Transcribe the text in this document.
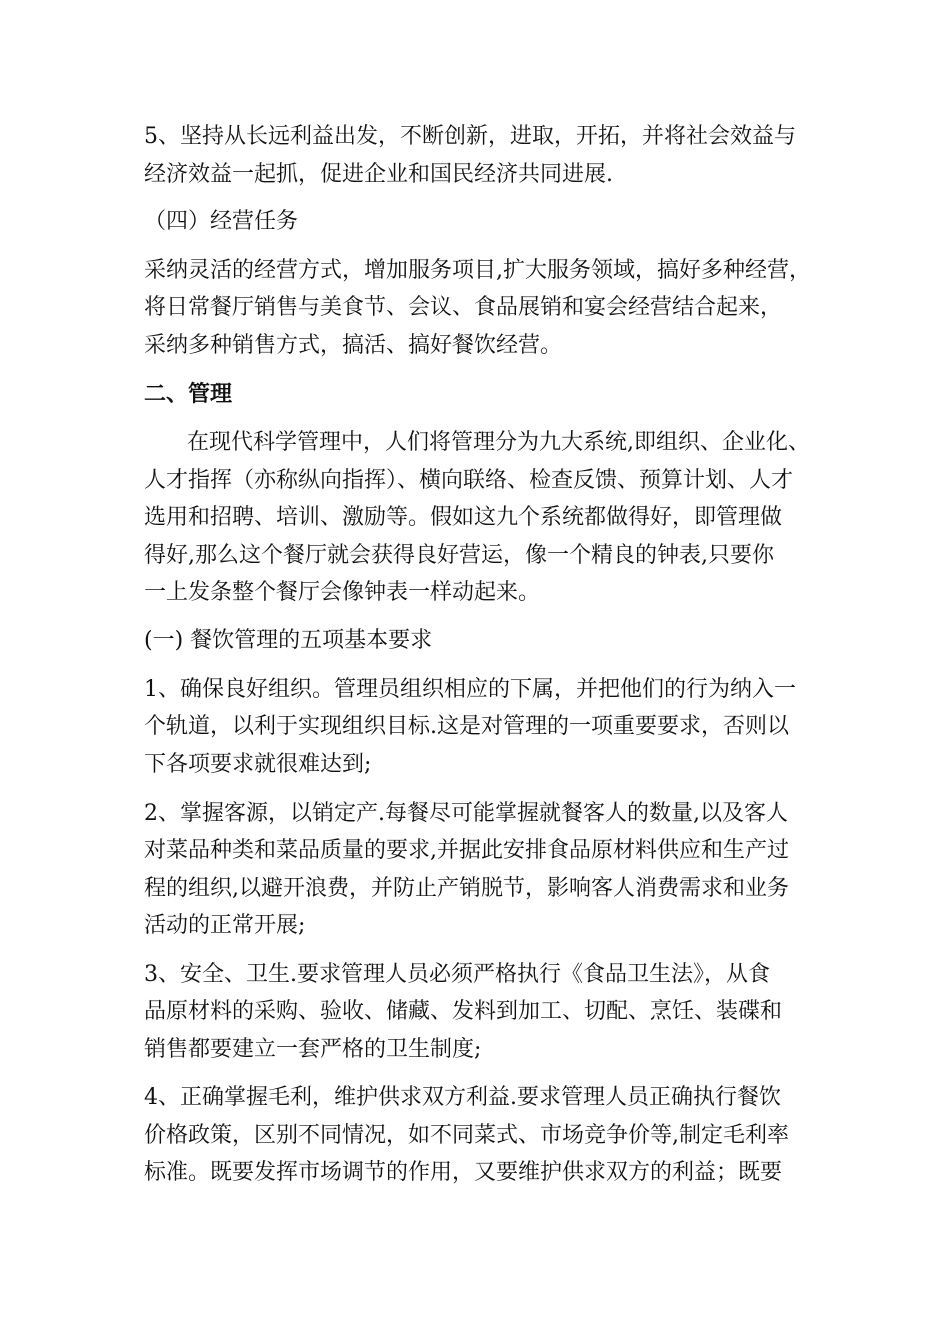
5、坚持从长远利益出发，不断创新，进取，开拓，并将社会效益与
经济效益一起抓，促进企业和国民经济共同进展.
（四）经营任务
采纳灵活的经营方式，增加服务项目,扩大服务领域，搞好多种经营，
将日常餐厅销售与美食节、会议、食品展销和宴会经营结合起来，
采纳多种销售方式，搞活、搞好餐饮经营。
二、管理
在现代科学管理中，人们将管理分为九大系统,即组织、企业化、
人才指挥（亦称纵向指挥）、横向联络、检查反馈、预算计划、人才
选用和招聘、培训、激励等。假如这九个系统都做得好，即管理做
得好,那么这个餐厅就会获得良好营运，像一个精良的钟表,只要你
一上发条整个餐厅会像钟表一样动起来。
(一) 餐饮管理的五项基本要求
1、确保良好组织。管理员组织相应的下属，并把他们的行为纳入一
个轨道，以利于实现组织目标.这是对管理的一项重要要求，否则以
下各项要求就很难达到;
2、掌握客源，以销定产.每餐尽可能掌握就餐客人的数量,以及客人
对菜品种类和菜品质量的要求,并据此安排食品原材料供应和生产过
程的组织,以避开浪费，并防止产销脱节，影响客人消费需求和业务
活动的正常开展;
3、安全、卫生.要求管理人员必须严格执行《食品卫生法》，从食
品原材料的采购、验收、储藏、发料到加工、切配、烹饪、装碟和
销售都要建立一套严格的卫生制度;
4、正确掌握毛利，维护供求双方利益.要求管理人员正确执行餐饮
价格政策，区别不同情况，如不同菜式、市场竞争价等,制定毛利率
标准。既要发挥市场调节的作用，又要维护供求双方的利益；既要
